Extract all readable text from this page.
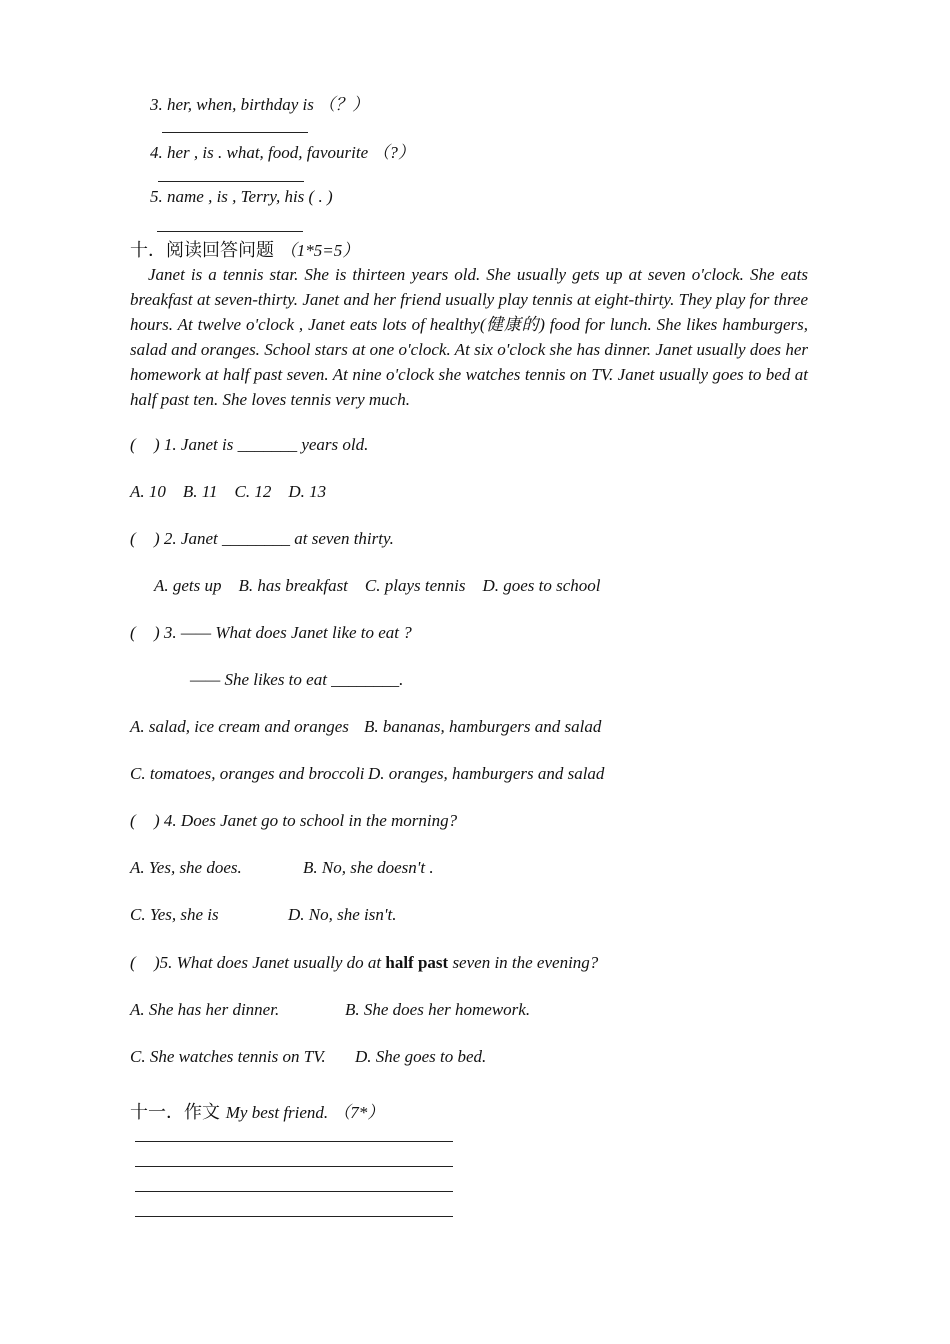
3. her, when, birthday is （？）
4. her , is . what, food, favourite （?）
5. name , is , Terry, his ( . )
十．阅读回答问题 （1*5=5）

Janet is a tennis star. She is thirteen years old. She usually gets up at seven o'clock. She eats breakfast at seven-thirty. Janet and her friend usually play tennis at eight-thirty. They play for three hours. At twelve o'clock , Janet eats lots of healthy(健康的) food for lunch. She likes hamburgers, salad and oranges. School stars at one o'clock. At six o'clock she has dinner. Janet usually does her homework at half past seven. At nine o'clock she watches tennis on TV. Janet usually goes to bed at half past ten. She loves tennis very much.

( ) 1. Janet is _______ years old.
A. 10    B. 11    C. 12    D. 13
( ) 2. Janet ________ at seven thirty.
A. gets up    B. has breakfast    C. plays tennis    D. goes to school
( ) 3. —— What does Janet like to eat ?
—— She likes to eat ________.
A. salad, ice cream and oranges B. bananas, hamburgers and salad
C. tomatoes, oranges and broccoli D. oranges, hamburgers and salad
( ) 4. Does Janet go to school in the morning?
A. Yes, she does.	B. No, she doesn't .
C. Yes, she is	D. No, she isn't.
( )5. What does Janet usually do at half past seven in the evening?
A. She has her dinner.	B. She does her homework.
C. She watches tennis on TV. D. She goes to bed.
十一．作文 My best friend. （7*）
